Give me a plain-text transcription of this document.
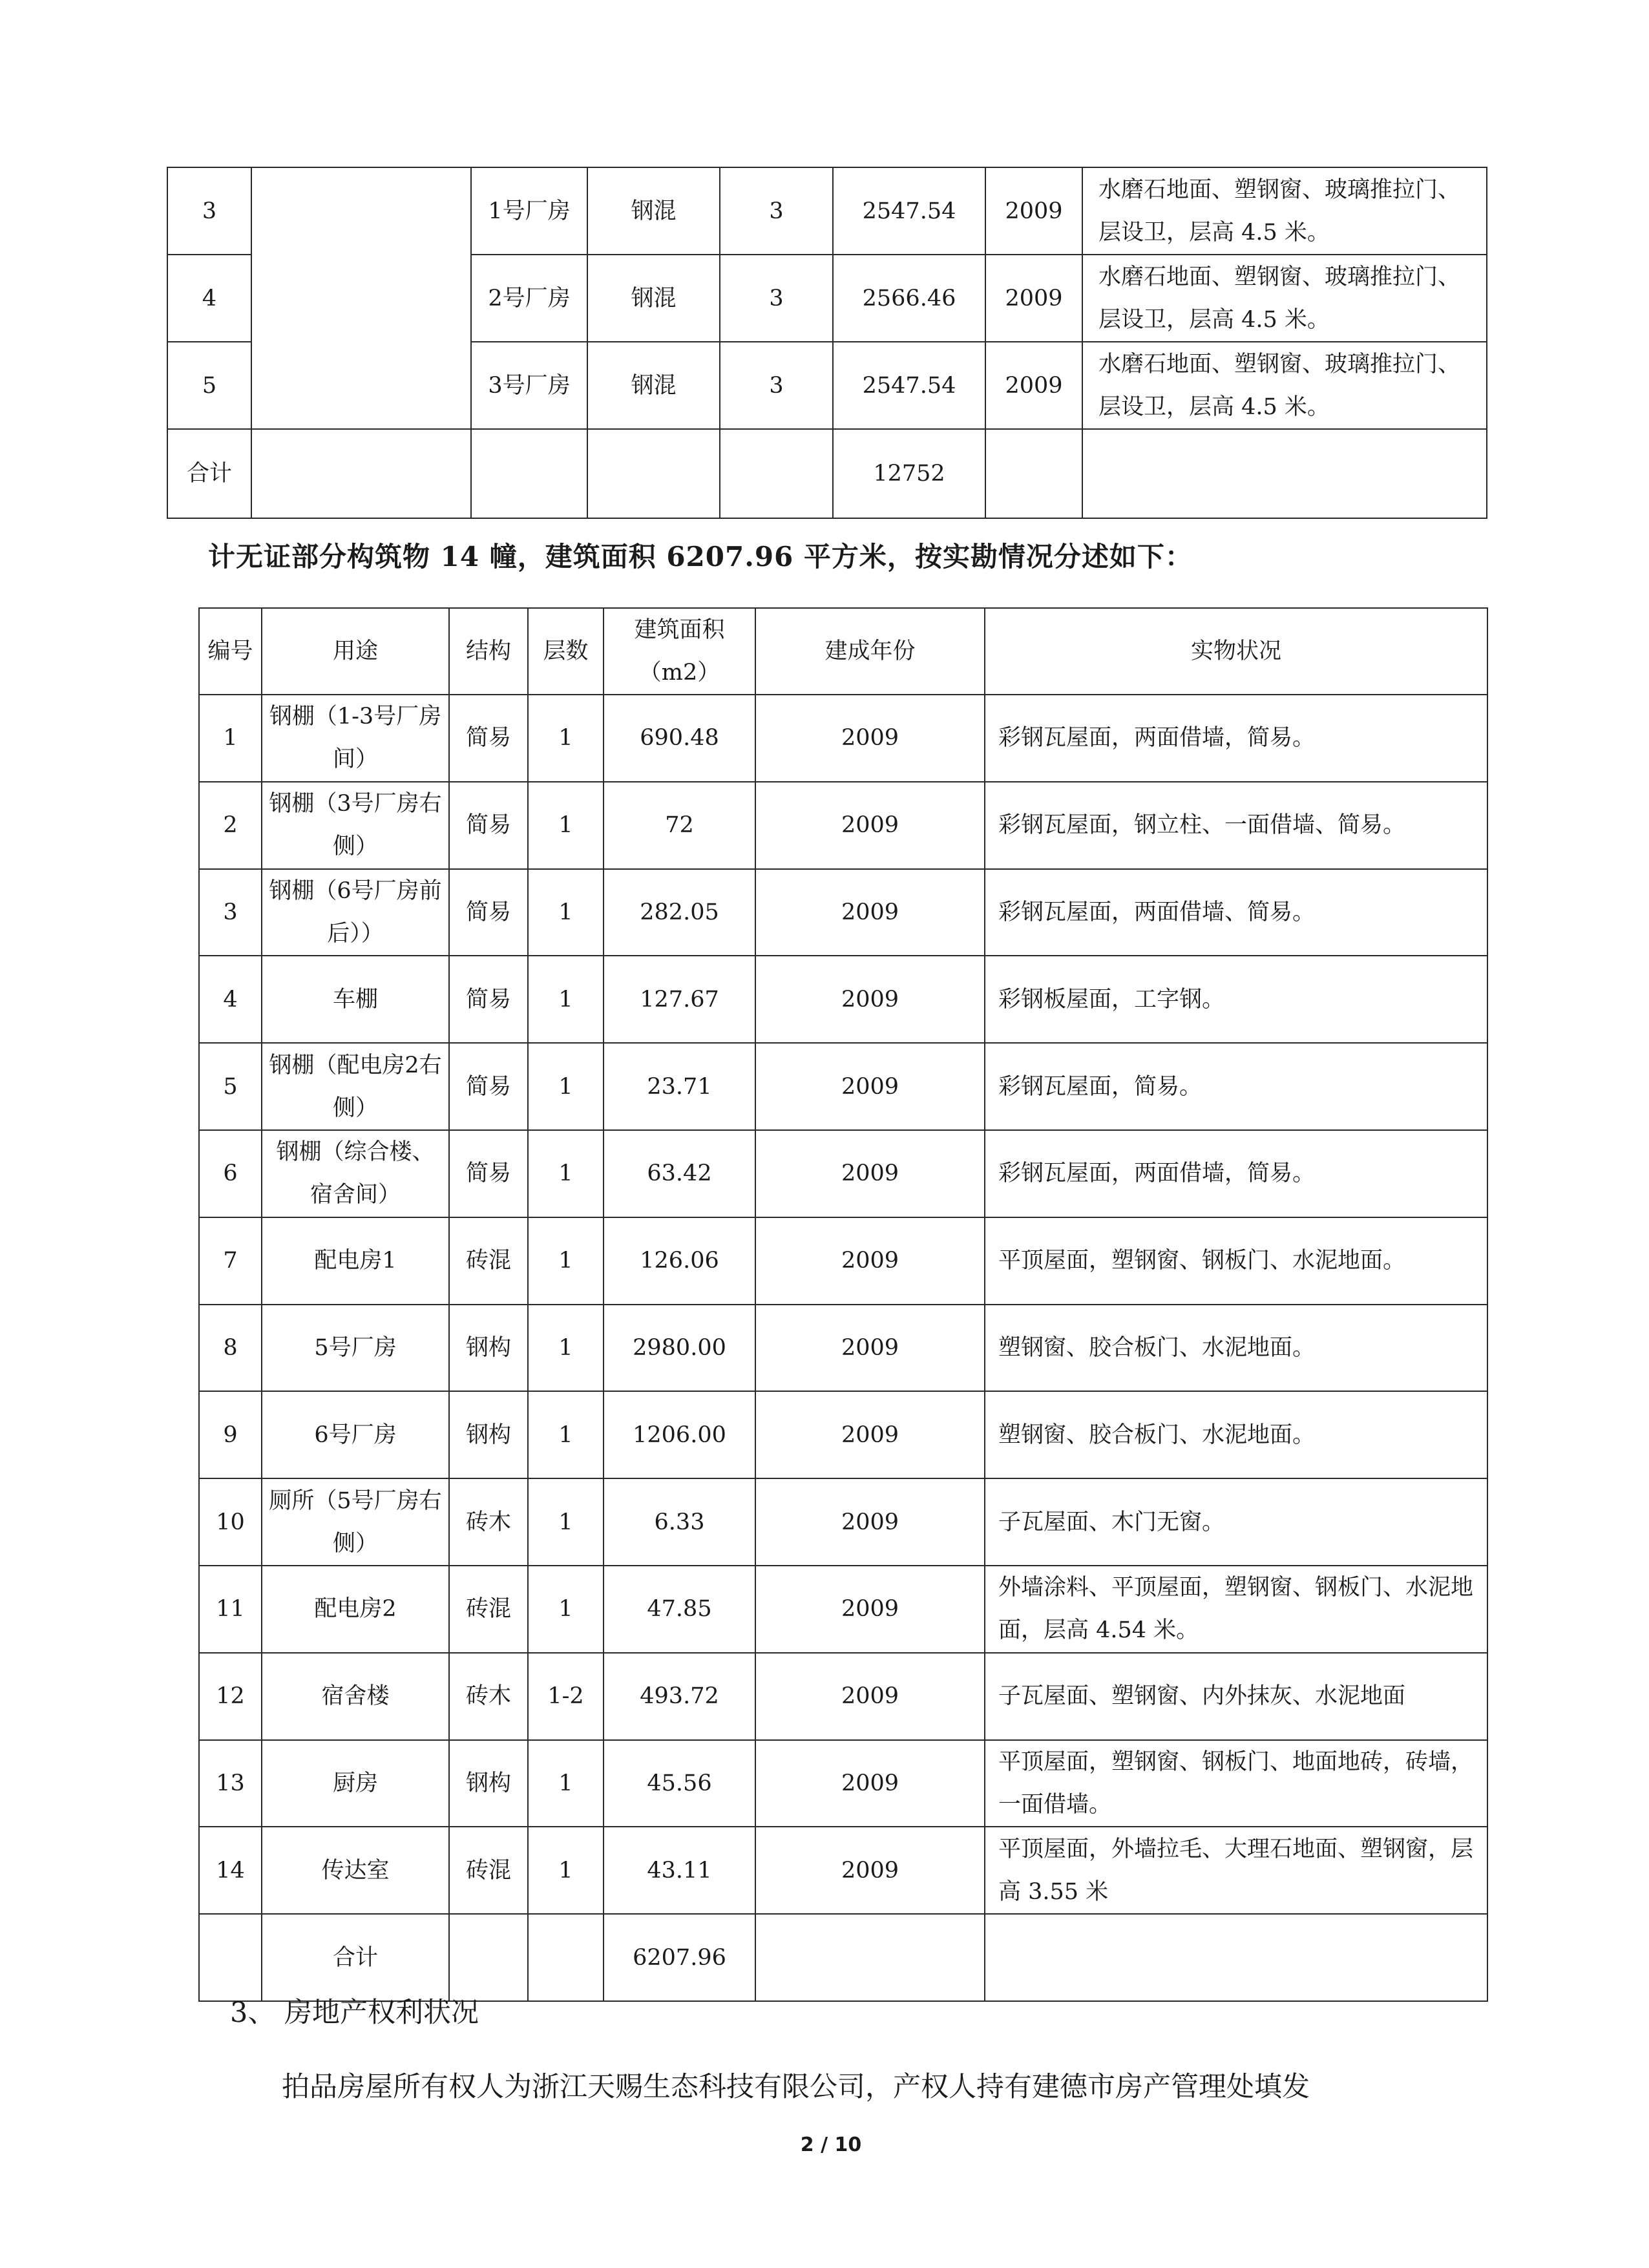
3		1号厂房	钢混	3	2547.54	2009	水磨石地面、塑钢窗、玻璃推拉门、层设卫，层高 4.5 米。
4		2号厂房	钢混	3	2566.46	2009	水磨石地面、塑钢窗、玻璃推拉门、层设卫，层高 4.5 米。
5		3号厂房	钢混	3	2547.54	2009	水磨石地面、塑钢窗、玻璃推拉门、层设卫，层高 4.5 米。
合计					12752		
计无证部分构筑物 14 幢，建筑面积 6207.96 平方米，按实勘情况分述如下：
编号	用途	结构	层数	建筑面积（m2）	建成年份	实物状况
1	钢棚（1-3号厂房间）	简易	1	690.48	2009	彩钢瓦屋面，两面借墙，简易。
2	钢棚（3号厂房右侧）	简易	1	72	2009	彩钢瓦屋面，钢立柱、一面借墙、简易。
3	钢棚（6号厂房前后））	简易	1	282.05	2009	彩钢瓦屋面，两面借墙、简易。
4	车棚	简易	1	127.67	2009	彩钢板屋面，工字钢。
5	钢棚（配电房2右侧）	简易	1	23.71	2009	彩钢瓦屋面，简易。
6	钢棚（综合楼、宿舍间）	简易	1	63.42	2009	彩钢瓦屋面，两面借墙，简易。
7	配电房1	砖混	1	126.06	2009	平顶屋面，塑钢窗、钢板门、水泥地面。
8	5号厂房	钢构	1	2980.00	2009	塑钢窗、胶合板门、水泥地面。
9	6号厂房	钢构	1	1206.00	2009	塑钢窗、胶合板门、水泥地面。
10	厕所（5号厂房右侧）	砖木	1	6.33	2009	子瓦屋面、木门无窗。
11	配电房2	砖混	1	47.85	2009	外墙涂料、平顶屋面，塑钢窗、钢板门、水泥地面，层高 4.54 米。
12	宿舍楼	砖木	1-2	493.72	2009	子瓦屋面、塑钢窗、内外抹灰、水泥地面
13	厨房	钢构	1	45.56	2009	平顶屋面，塑钢窗、钢板门、地面地砖，砖墙，一面借墙。
14	传达室	砖混	1	43.11	2009	平顶屋面，外墙拉毛、大理石地面、塑钢窗，层高 3.55 米
	合计			6207.96		
3、 房地产权利状况
拍品房屋所有权人为浙江天赐生态科技有限公司，产权人持有建德市房产管理处填发
2 / 10
